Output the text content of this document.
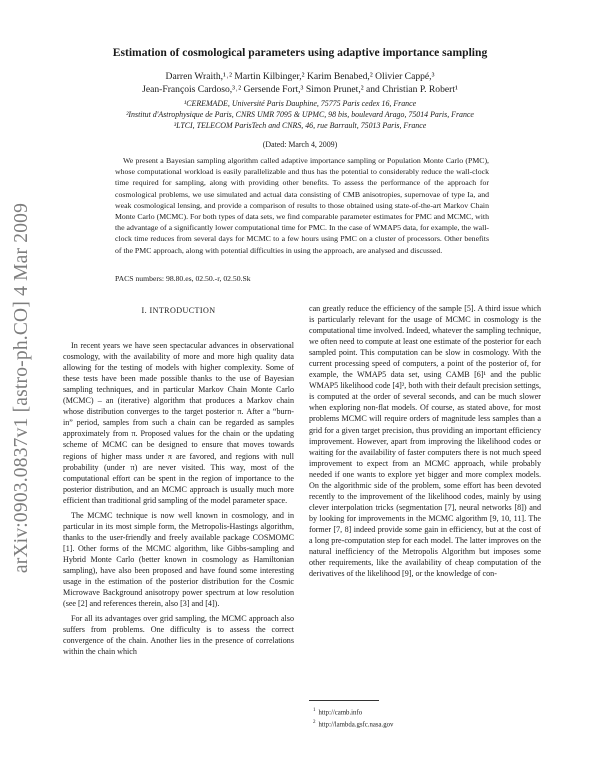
arXiv:0903.0837v1 [astro-ph.CO] 4 Mar 2009
Estimation of cosmological parameters using adaptive importance sampling
Darren Wraith,¹˒² Martin Kilbinger,² Karim Benabed,² Olivier Cappé,³
Jean-François Cardoso,³˒² Gersende Fort,³ Simon Prunet,² and Christian P. Robert¹
¹CEREMADE, Université Paris Dauphine, 75775 Paris cedex 16, France
²Institut d'Astrophysique de Paris, CNRS UMR 7095 & UPMC, 98 bis, boulevard Arago, 75014 Paris, France
³LTCI, TELECOM ParisTech and CNRS, 46, rue Barrault, 75013 Paris, France
(Dated: March 4, 2009)

We present a Bayesian sampling algorithm called adaptive importance sampling or Population Monte Carlo (PMC), whose computational workload is easily parallelizable and thus has the potential to considerably reduce the wall-clock time required for sampling, along with providing other benefits. To assess the performance of the approach for cosmological problems, we use simulated and actual data consisting of CMB anisotropies, supernovae of type Ia, and weak cosmological lensing, and provide a comparison of results to those obtained using state-of-the-art Markov Chain Monte Carlo (MCMC). For both types of data sets, we find comparable parameter estimates for PMC and MCMC, with the advantage of a significantly lower computational time for PMC. In the case of WMAP5 data, for example, the wall-clock time reduces from several days for MCMC to a few hours using PMC on a cluster of processors. Other benefits of the PMC approach, along with potential difficulties in using the approach, are analysed and discussed.

PACS numbers: 98.80.es, 02.50.-r, 02.50.Sk
I. INTRODUCTION

In recent years we have seen spectacular advances in observational cosmology, with the availability of more and more high quality data allowing for the testing of models with higher complexity. Some of these tests have been made possible thanks to the use of Bayesian sampling techniques, and in particular Markov Chain Monte Carlo (MCMC) – an (iterative) algorithm that produces a Markov chain whose distribution converges to the target posterior π. After a “burn-in” period, samples from such a chain can be regarded as samples approximately from π. Proposed values for the chain or the updating scheme of MCMC can be designed to ensure that moves towards regions of higher mass under π are favored, and regions with null probability (under π) are never visited. This way, most of the computational effort can be spent in the region of importance to the posterior distribution, and an MCMC approach is usually much more efficient than traditional grid sampling of the model parameter space.

The MCMC technique is now well known in cosmology, and in particular in its most simple form, the Metropolis-Hastings algorithm, thanks to the user-friendly and freely available package COSMOMC [1]. Other forms of the MCMC algorithm, like Gibbs-sampling and Hybrid Monte Carlo (better known in cosmology as Hamiltonian sampling), have also been proposed and have found some interesting usage in the estimation of the posterior distribution for the Cosmic Microwave Background anisotropy power spectrum at low resolution (see [2] and references therein, also [3] and [4]).

For all its advantages over grid sampling, the MCMC approach also suffers from problems. One difficulty is to assess the correct convergence of the chain. Another lies in the presence of correlations within the chain which

can greatly reduce the efficiency of the sample [5]. A third issue which is particularly relevant for the usage of MCMC in cosmology is the computational time involved. Indeed, whatever the sampling technique, we often need to compute at least one estimate of the posterior for each sampled point. This computation can be slow in cosmology. With the current processing speed of computers, a point of the posterior of, for example, the WMAP5 data set, using CAMB [6]¹ and the public WMAP5 likelihood code [4]², both with their default precision settings, is computed at the order of several seconds, and can be much slower when exploring non-flat models. Of course, as stated above, for most problems MCMC will require orders of magnitude less samples than a grid for a given target precision, thus providing an important efficiency improvement. However, apart from improving the likelihood codes or waiting for the availability of faster computers there is not much speed improvement to expect from an MCMC approach, while probably needed if one wants to explore yet bigger and more complex models. On the algorithmic side of the problem, some effort has been devoted recently to the improvement of the likelihood codes, mainly by using clever interpolation tricks (segmentation [7], neural networks [8]) and by looking for improvements in the MCMC algorithm [9, 10, 11]. The former [7, 8] indeed provide some gain in efficiency, but at the cost of a long pre-computation step for each model. The latter improves on the natural inefficiency of the Metropolis Algorithm but imposes some other requirements, like the availability of cheap computation of the derivatives of the likelihood [9], or the knowledge of con-

$^1$ http://camb.info
$^2$ http://lambda.gsfc.nasa.gov
